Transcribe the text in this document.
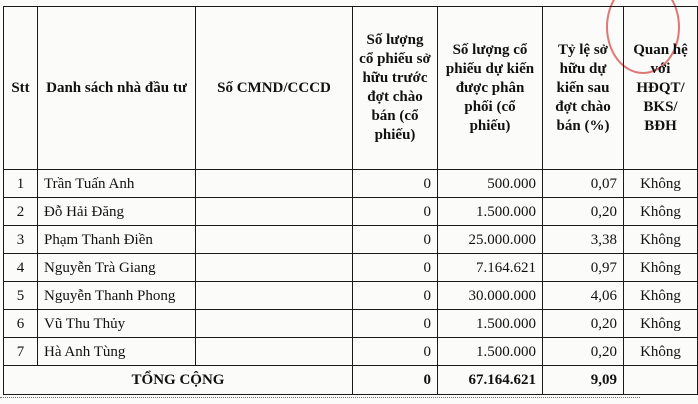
Stt	Danh sách nhà đầu tư	Số CMND/CCCD	Số lượng cổ phiếu sở hữu trước đợt chào bán (cổ phiếu)	Số lượng cổ phiếu dự kiến được phân phối (cổ phiếu)	Tỷ lệ sở hữu dự kiến sau đợt chào bán (%)	Quan hệ với HĐQT/ BKS/ BĐH
1	Trần Tuấn Anh		0	500.000	0,07	Không
2	Đỗ Hải Đăng		0	1.500.000	0,20	Không
3	Phạm Thanh Điền		0	25.000.000	3,38	Không
4	Nguyễn Trà Giang		0	7.164.621	0,97	Không
5	Nguyễn Thanh Phong		0	30.000.000	4,06	Không
6	Vũ Thu Thủy		0	1.500.000	0,20	Không
7	Hà Anh Tùng		0	1.500.000	0,20	Không
TỔNG CỘNG			0	67.164.621	9,09	
